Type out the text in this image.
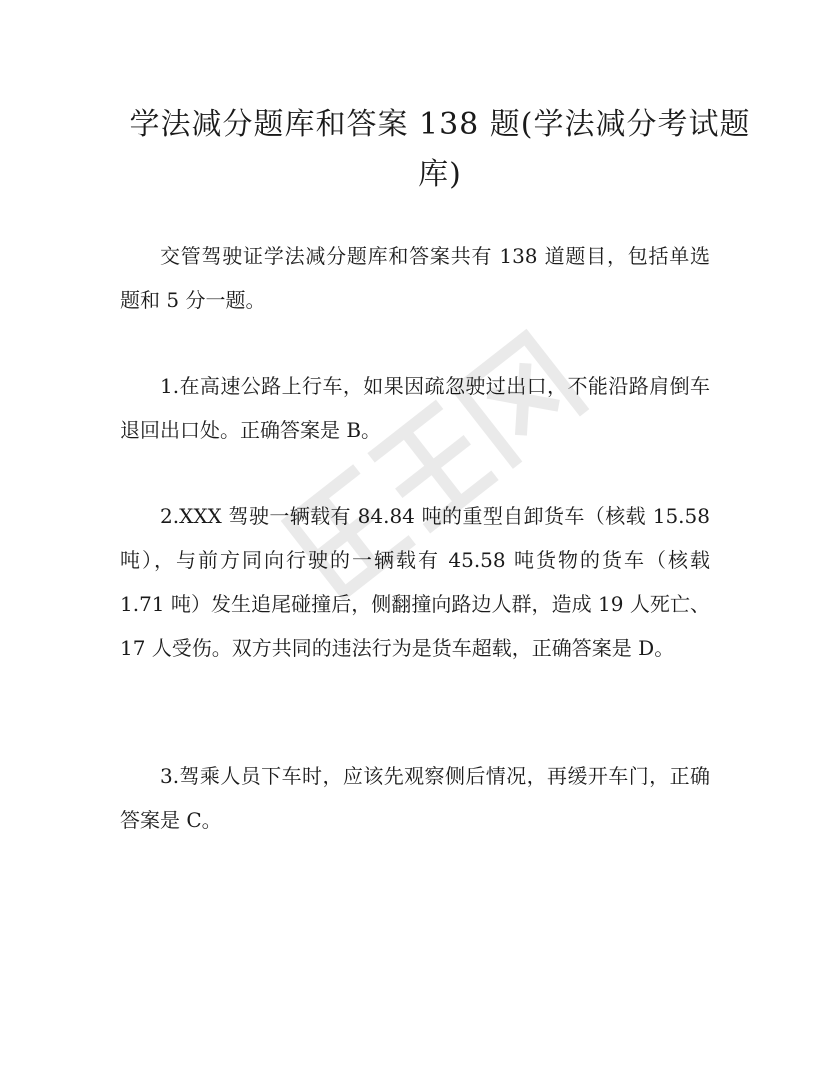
学法减分题库和答案 138 题(学法减分考试题库)

交管驾驶证学法减分题库和答案共有 138 道题目，包括单选题和 5 分一题。

1.在高速公路上行车，如果因疏忽驶过出口，不能沿路肩倒车退回出口处。正确答案是 B。

2.XXX 驾驶一辆载有 84.84 吨的重型自卸货车（核载 15.58 吨），与前方同向行驶的一辆载有 45.58 吨货物的货车（核载 1.71 吨）发生追尾碰撞后，侧翻撞向路边人群，造成 19 人死亡、17 人受伤。双方共同的违法行为是货车超载，正确答案是 D。

3.驾乘人员下车时，应该先观察侧后情况，再缓开车门，正确答案是 C。
